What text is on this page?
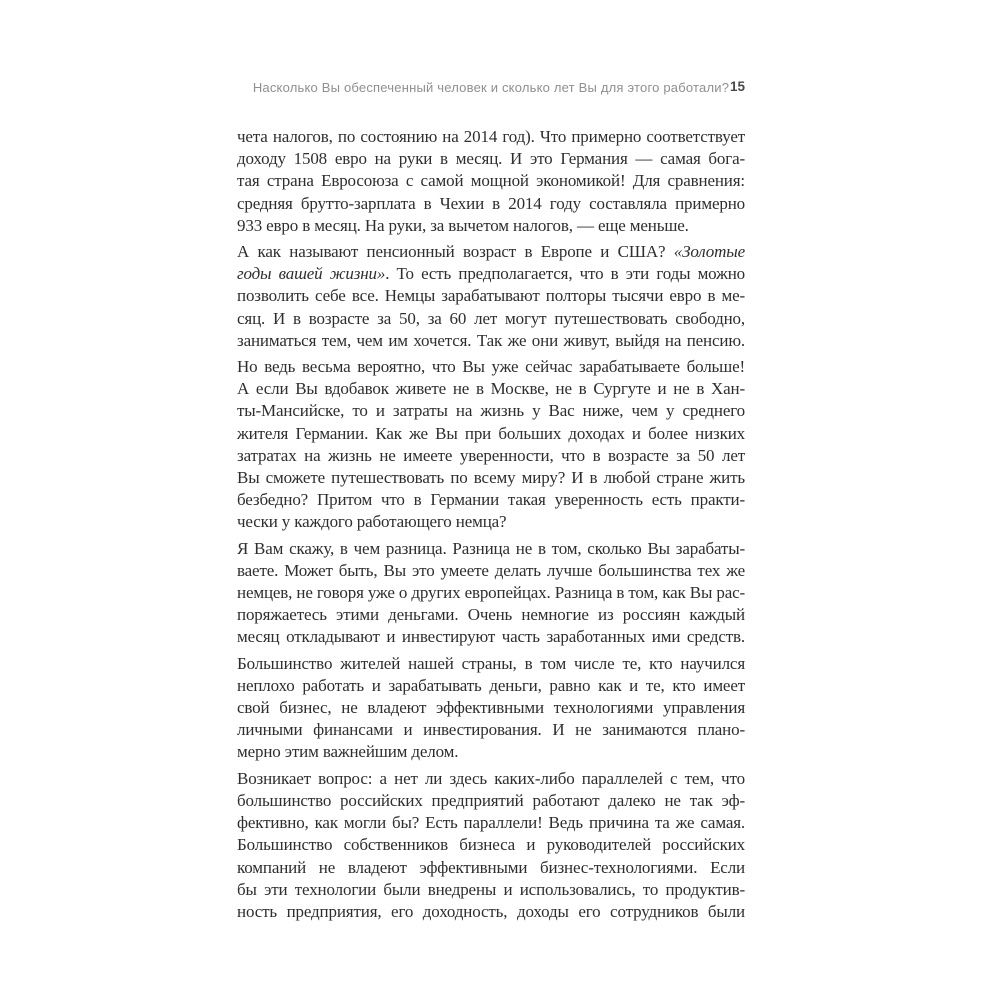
Насколько Вы обеспеченный человек и сколько лет Вы для этого работали? 15
чета налогов, по состоянию на 2014 год). Что примерно соответствует
доходу 1508 евро на руки в месяц. И это Германия — самая бога-
тая страна Евросоюза с самой мощной экономикой! Для сравнения:
средняя брутто-зарплата в Чехии в 2014 году составляла примерно
933 евро в месяц. На руки, за вычетом налогов, — еще меньше.
А как называют пенсионный возраст в Европе и США? «Золотые
годы вашей жизни». То есть предполагается, что в эти годы можно
позволить себе все. Немцы зарабатывают полторы тысячи евро в ме-
сяц. И в возрасте за 50, за 60 лет могут путешествовать свободно,
заниматься тем, чем им хочется. Так же они живут, выйдя на пенсию.
Но ведь весьма вероятно, что Вы уже сейчас зарабатываете больше!
А если Вы вдобавок живете не в Москве, не в Сургуте и не в Хан-
ты-Мансийске, то и затраты на жизнь у Вас ниже, чем у среднего
жителя Германии. Как же Вы при больших доходах и более низких
затратах на жизнь не имеете уверенности, что в возрасте за 50 лет
Вы сможете путешествовать по всему миру? И в любой стране жить
безбедно? Притом что в Германии такая уверенность есть практи-
чески у каждого работающего немца?
Я Вам скажу, в чем разница. Разница не в том, сколько Вы зарабаты-
ваете. Может быть, Вы это умеете делать лучше большинства тех же
немцев, не говоря уже о других европейцах. Разница в том, как Вы рас-
поряжаетесь этими деньгами. Очень немногие из россиян каждый
месяц откладывают и инвестируют часть заработанных ими средств.
Большинство жителей нашей страны, в том числе те, кто научился
неплохо работать и зарабатывать деньги, равно как и те, кто имеет
свой бизнес, не владеют эффективными технологиями управления
личными финансами и инвестирования. И не занимаются плано-
мерно этим важнейшим делом.
Возникает вопрос: а нет ли здесь каких-либо параллелей с тем, что
большинство российских предприятий работают далеко не так эф-
фективно, как могли бы? Есть параллели! Ведь причина та же самая.
Большинство собственников бизнеса и руководителей российских
компаний не владеют эффективными бизнес-технологиями. Если
бы эти технологии были внедрены и использовались, то продуктив-
ность предприятия, его доходность, доходы его сотрудников были
